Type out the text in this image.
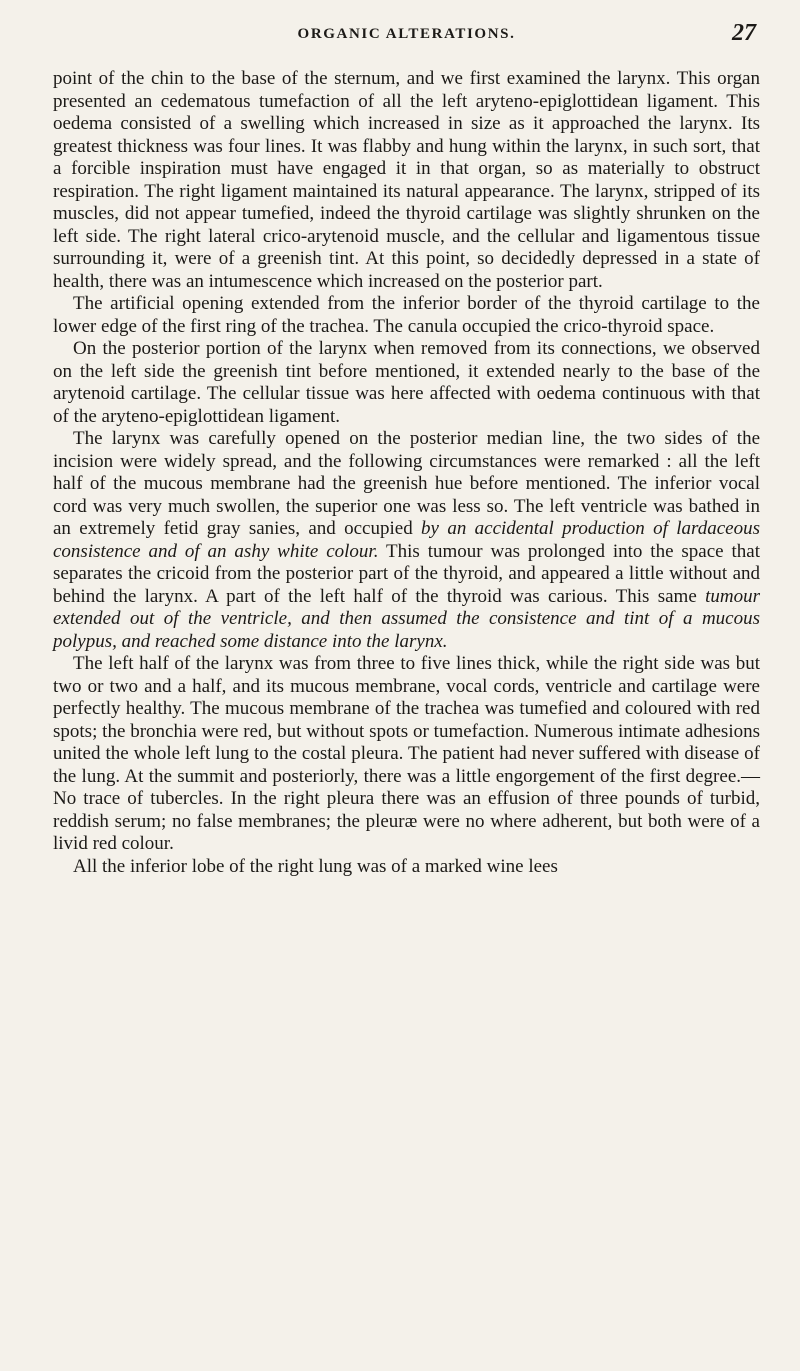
ORGANIC ALTERATIONS.	27

point of the chin to the base of the sternum, and we first examined the larynx. This organ presented an cedematous tumefaction of all the left aryteno-epiglottidean ligament. This oedema consisted of a swelling which increased in size as it approached the larynx. Its greatest thickness was four lines. It was flabby and hung within the larynx, in such sort, that a forcible inspiration must have engaged it in that organ, so as materially to obstruct respiration. The right ligament maintained its natural appearance. The larynx, stripped of its muscles, did not appear tumefied, indeed the thyroid cartilage was slightly shrunken on the left side. The right lateral crico-arytenoid muscle, and the cellular and ligamentous tissue surrounding it, were of a greenish tint. At this point, so decidedly depressed in a state of health, there was an intumescence which increased on the posterior part.

The artificial opening extended from the inferior border of the thyroid cartilage to the lower edge of the first ring of the trachea. The canula occupied the crico-thyroid space.

On the posterior portion of the larynx when removed from its connections, we observed on the left side the greenish tint before mentioned, it extended nearly to the base of the arytenoid cartilage. The cellular tissue was here affected with oedema continuous with that of the aryteno-epiglottidean ligament.

The larynx was carefully opened on the posterior median line, the two sides of the incision were widely spread, and the following circumstances were remarked : all the left half of the mucous membrane had the greenish hue before mentioned. The inferior vocal cord was very much swollen, the superior one was less so. The left ventricle was bathed in an extremely fetid gray sanies, and occupied by an accidental production of lardaceous consistence and of an ashy white colour. This tumour was prolonged into the space that separates the cricoid from the posterior part of the thyroid, and appeared a little without and behind the larynx. A part of the left half of the thyroid was carious. This same tumour extended out of the ventricle, and then assumed the consistence and tint of a mucous polypus, and reached some distance into the larynx.

The left half of the larynx was from three to five lines thick, while the right side was but two or two and a half, and its mucous membrane, vocal cords, ventricle and cartilage were perfectly healthy. The mucous membrane of the trachea was tumefied and coloured with red spots; the bronchia were red, but without spots or tumefaction. Numerous intimate adhesions united the whole left lung to the costal pleura. The patient had never suffered with disease of the lung. At the summit and posteriorly, there was a little engorgement of the first degree.—No trace of tubercles. In the right pleura there was an effusion of three pounds of turbid, reddish serum; no false membranes; the pleuræ were no where adherent, but both were of a livid red colour.

All the inferior lobe of the right lung was of a marked wine lees
